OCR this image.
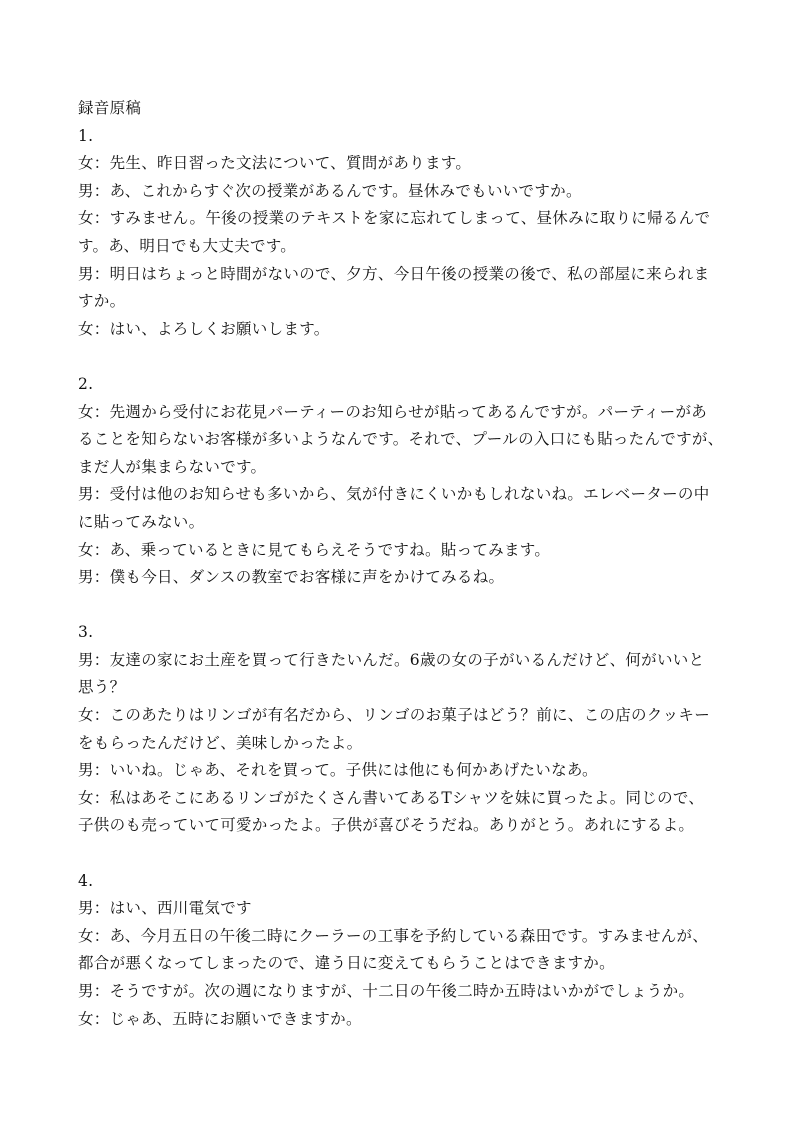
録音原稿
1.
女：先生、昨日習った文法について、質問があります。
男：あ、これからすぐ次の授業があるんです。昼休みでもいいですか。
女：すみません。午後の授業のテキストを家に忘れてしまって、昼休みに取りに帰るんで
す。あ、明日でも大丈夫です。
男：明日はちょっと時間がないので、夕方、今日午後の授業の後で、私の部屋に来られま
すか。
女：はい、よろしくお願いします。
2.
女：先週から受付にお花見パーティーのお知らせが貼ってあるんですが。パーティーがあ
ることを知らないお客様が多いようなんです。それで、プールの入口にも貼ったんですが、
まだ人が集まらないです。
男：受付は他のお知らせも多いから、気が付きにくいかもしれないね。エレベーターの中
に貼ってみない。
女：あ、乗っているときに見てもらえそうですね。貼ってみます。
男：僕も今日、ダンスの教室でお客様に声をかけてみるね。
3.
男：友達の家にお土産を買って行きたいんだ。6歳の女の子がいるんだけど、何がいいと
思う？
女：このあたりはリンゴが有名だから、リンゴのお菓子はどう？前に、この店のクッキー
をもらったんだけど、美味しかったよ。
男：いいね。じゃあ、それを買って。子供には他にも何かあげたいなあ。
女：私はあそこにあるリンゴがたくさん書いてあるTシャツを妹に買ったよ。同じので、
子供のも売っていて可愛かったよ。子供が喜びそうだね。ありがとう。あれにするよ。
4.
男：はい、西川電気です
女：あ、今月五日の午後二時にクーラーの工事を予約している森田です。すみませんが、
都合が悪くなってしまったので、違う日に変えてもらうことはできますか。
男：そうですが。次の週になりますが、十二日の午後二時か五時はいかがでしょうか。
女：じゃあ、五時にお願いできますか。
